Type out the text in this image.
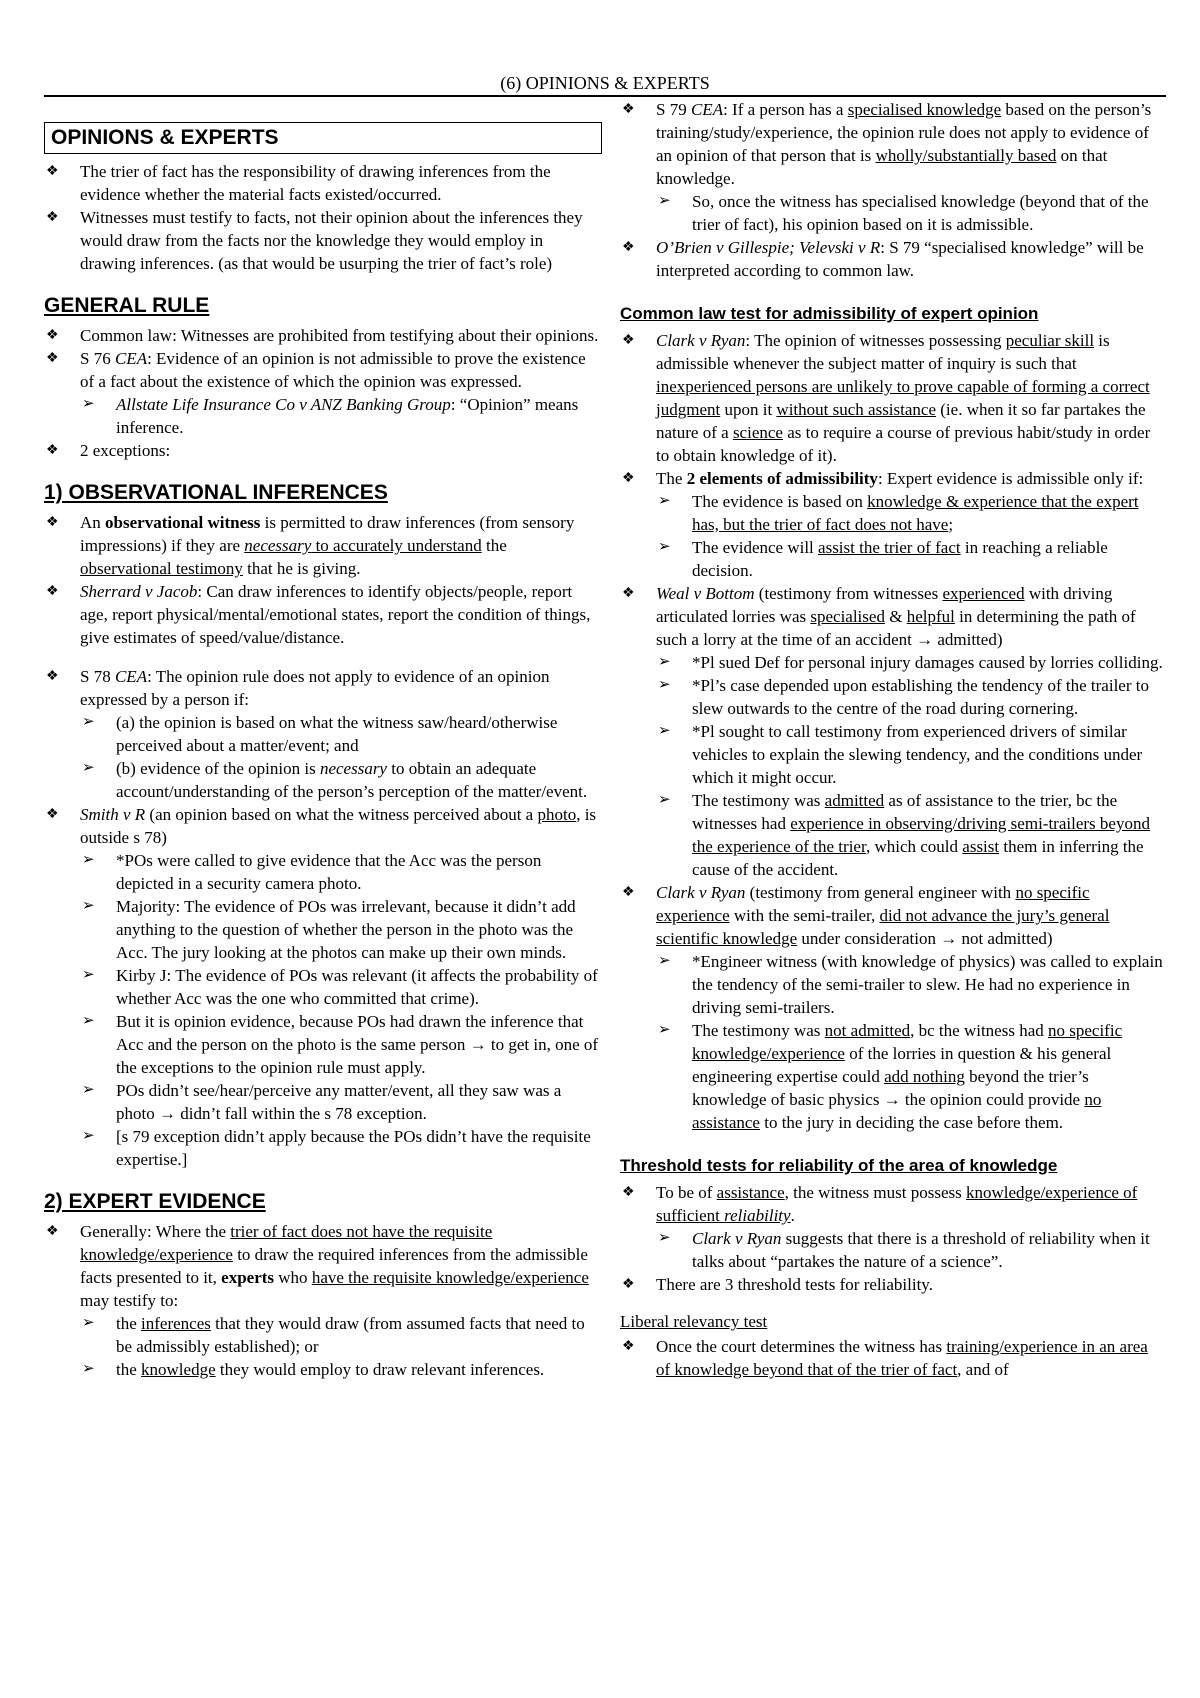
(6) OPINIONS & EXPERTS
OPINIONS & EXPERTS
❖ The trier of fact has the responsibility of drawing inferences from the evidence whether the material facts existed/occurred.
❖ Witnesses must testify to facts, not their opinion about the inferences they would draw from the facts nor the knowledge they would employ in drawing inferences. (as that would be usurping the trier of fact’s role)
GENERAL RULE
❖ Common law: Witnesses are prohibited from testifying about their opinions.
❖ S 76 CEA: Evidence of an opinion is not admissible to prove the existence of a fact about the existence of which the opinion was expressed.
➢ Allstate Life Insurance Co v ANZ Banking Group: “Opinion” means inference.
❖ 2 exceptions:
1) OBSERVATIONAL INFERENCES
❖ An observational witness is permitted to draw inferences (from sensory impressions) if they are necessary to accurately understand the observational testimony that he is giving.
❖ Sherrard v Jacob: Can draw inferences to identify objects/people, report age, report physical/mental/emotional states, report the condition of things, give estimates of speed/value/distance.
❖ S 78 CEA: The opinion rule does not apply to evidence of an opinion expressed by a person if:
➢ (a) the opinion is based on what the witness saw/heard/otherwise perceived about a matter/event; and
➢ (b) evidence of the opinion is necessary to obtain an adequate account/understanding of the person’s perception of the matter/event.
❖ Smith v R (an opinion based on what the witness perceived about a photo, is outside s 78)
➢ *POs were called to give evidence that the Acc was the person depicted in a security camera photo.
➢ Majority: The evidence of POs was irrelevant, because it didn’t add anything to the question of whether the person in the photo was the Acc. The jury looking at the photos can make up their own minds.
➢ Kirby J: The evidence of POs was relevant (it affects the probability of whether Acc was the one who committed that crime).
➢ But it is opinion evidence, because POs had drawn the inference that Acc and the person on the photo is the same person → to get in, one of the exceptions to the opinion rule must apply.
➢ POs didn’t see/hear/perceive any matter/event, all they saw was a photo → didn’t fall within the s 78 exception.
➢ [s 79 exception didn’t apply because the POs didn’t have the requisite expertise.]
2) EXPERT EVIDENCE
❖ Generally: Where the trier of fact does not have the requisite knowledge/experience to draw the required inferences from the admissible facts presented to it, experts who have the requisite knowledge/experience may testify to:
➢ the inferences that they would draw (from assumed facts that need to be admissibly established); or
➢ the knowledge they would employ to draw relevant inferences.
❖ S 79 CEA: If a person has a specialised knowledge based on the person’s training/study/experience, the opinion rule does not apply to evidence of an opinion of that person that is wholly/substantially based on that knowledge.
➢ So, once the witness has specialised knowledge (beyond that of the trier of fact), his opinion based on it is admissible.
❖ O’Brien v Gillespie; Velevski v R: S 79 “specialised knowledge” will be interpreted according to common law.
Common law test for admissibility of expert opinion
❖ Clark v Ryan: The opinion of witnesses possessing peculiar skill is admissible whenever the subject matter of inquiry is such that inexperienced persons are unlikely to prove capable of forming a correct judgment upon it without such assistance (ie. when it so far partakes the nature of a science as to require a course of previous habit/study in order to obtain knowledge of it).
❖ The 2 elements of admissibility: Expert evidence is admissible only if:
➢ The evidence is based on knowledge & experience that the expert has, but the trier of fact does not have;
➢ The evidence will assist the trier of fact in reaching a reliable decision.
❖ Weal v Bottom (testimony from witnesses experienced with driving articulated lorries was specialised & helpful in determining the path of such a lorry at the time of an accident → admitted)
➢ *Pl sued Def for personal injury damages caused by lorries colliding.
➢ *Pl’s case depended upon establishing the tendency of the trailer to slew outwards to the centre of the road during cornering.
➢ *Pl sought to call testimony from experienced drivers of similar vehicles to explain the slewing tendency, and the conditions under which it might occur.
➢ The testimony was admitted as of assistance to the trier, bc the witnesses had experience in observing/driving semi-trailers beyond the experience of the trier, which could assist them in inferring the cause of the accident.
❖ Clark v Ryan (testimony from general engineer with no specific experience with the semi-trailer, did not advance the jury’s general scientific knowledge under consideration → not admitted)
➢ *Engineer witness (with knowledge of physics) was called to explain the tendency of the semi-trailer to slew. He had no experience in driving semi-trailers.
➢ The testimony was not admitted, bc the witness had no specific knowledge/experience of the lorries in question & his general engineering expertise could add nothing beyond the trier’s knowledge of basic physics → the opinion could provide no assistance to the jury in deciding the case before them.
Threshold tests for reliability of the area of knowledge
❖ To be of assistance, the witness must possess knowledge/experience of sufficient reliability.
➢ Clark v Ryan suggests that there is a threshold of reliability when it talks about “partakes the nature of a science”.
❖ There are 3 threshold tests for reliability.
Liberal relevancy test
❖ Once the court determines the witness has training/experience in an area of knowledge beyond that of the trier of fact, and of
